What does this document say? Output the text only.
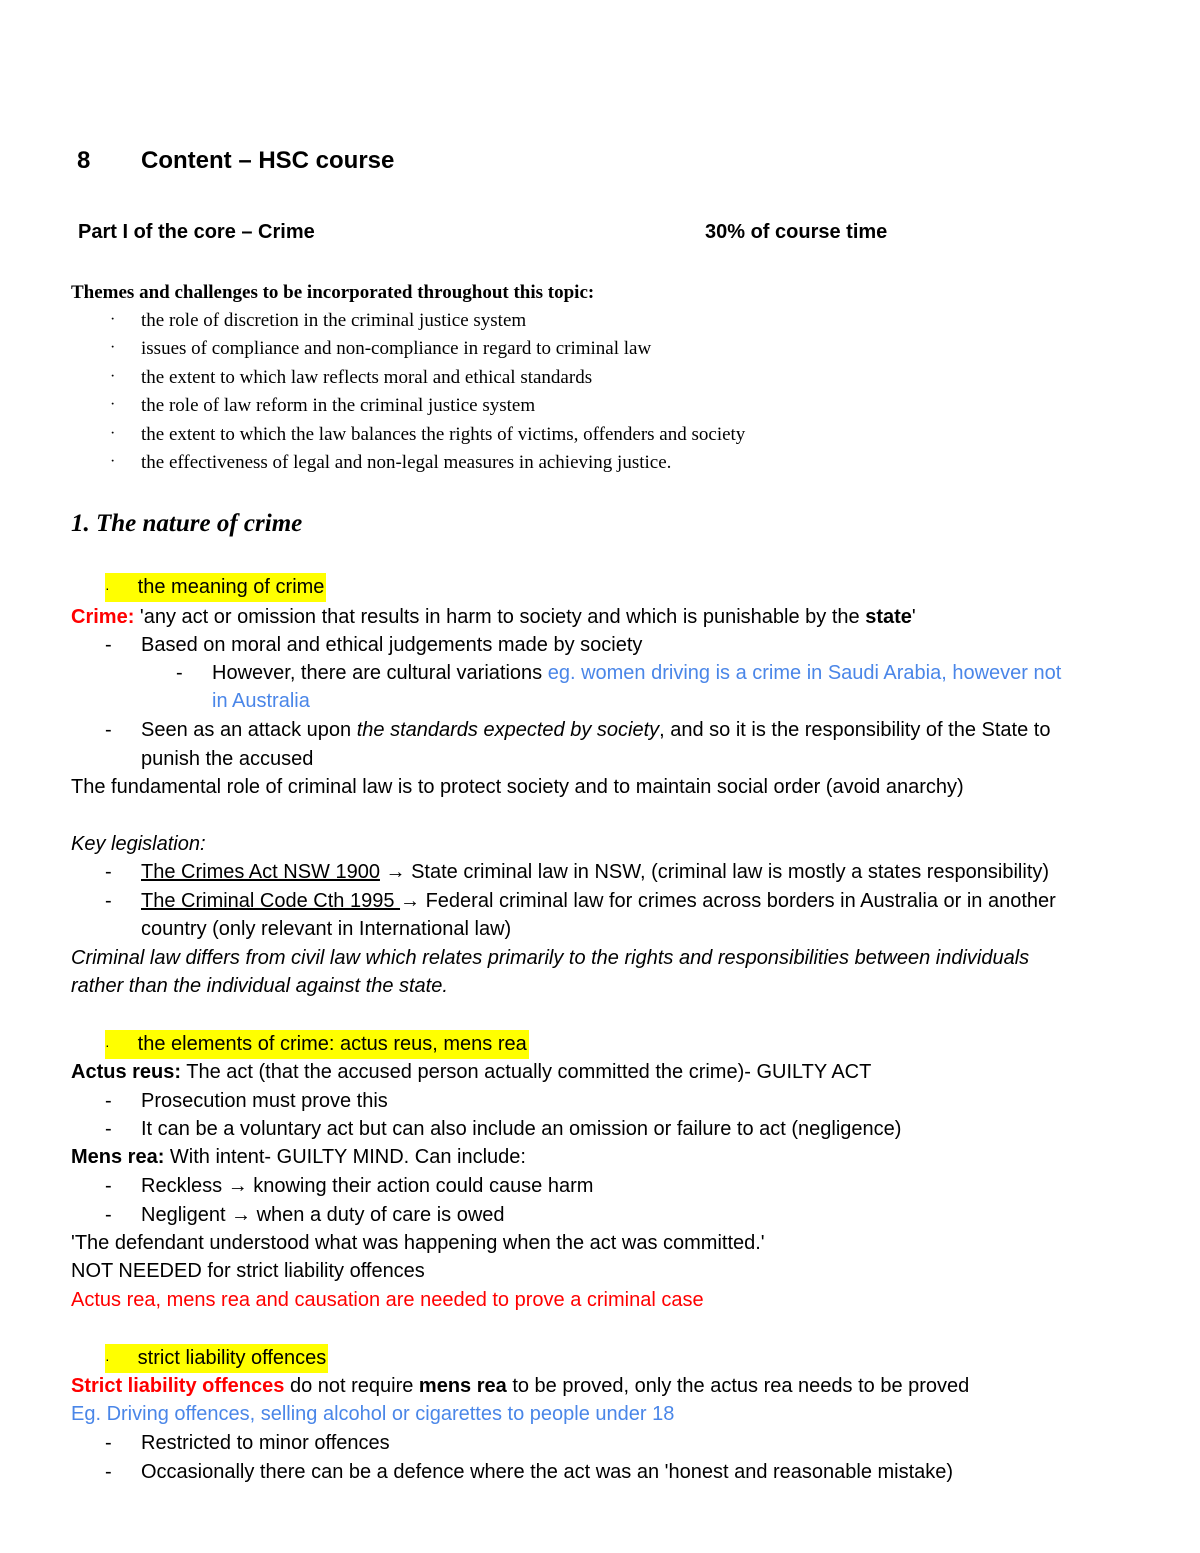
8 Content – HSC course
Part I of the core – Crime	30% of course time
Themes and challenges to be incorporated throughout this topic:
· the role of discretion in the criminal justice system
· issues of compliance and non-compliance in regard to criminal law
· the extent to which law reflects moral and ethical standards
· the role of law reform in the criminal justice system
· the extent to which the law balances the rights of victims, offenders and society
· the effectiveness of legal and non-legal measures in achieving justice.
1. The nature of crime
· the meaning of crime
Crime: 'any act or omission that results in harm to society and which is punishable by the state'
- Based on moral and ethical judgements made by society
- However, there are cultural variations eg. women driving is a crime in Saudi Arabia, however not
in Australia
- Seen as an attack upon the standards expected by society, and so it is the responsibility of the State to
punish the accused
The fundamental role of criminal law is to protect society and to maintain social order (avoid anarchy)
Key legislation:
- The Crimes Act NSW 1900 → State criminal law in NSW, (criminal law is mostly a states responsibility)
- The Criminal Code Cth 1995 → Federal criminal law for crimes across borders in Australia or in another
country (only relevant in International law)
Criminal law differs from civil law which relates primarily to the rights and responsibilities between individuals
rather than the individual against the state.
· the elements of crime: actus reus, mens rea
Actus reus: The act (that the accused person actually committed the crime)- GUILTY ACT
- Prosecution must prove this
- It can be a voluntary act but can also include an omission or failure to act (negligence)
Mens rea: With intent- GUILTY MIND. Can include:
- Reckless → knowing their action could cause harm
- Negligent → when a duty of care is owed
'The defendant understood what was happening when the act was committed.'
NOT NEEDED for strict liability offences
Actus rea, mens rea and causation are needed to prove a criminal case
· strict liability offences
Strict liability offences do not require mens rea to be proved, only the actus rea needs to be proved
Eg. Driving offences, selling alcohol or cigarettes to people under 18
- Restricted to minor offences
- Occasionally there can be a defence where the act was an 'honest and reasonable mistake)
